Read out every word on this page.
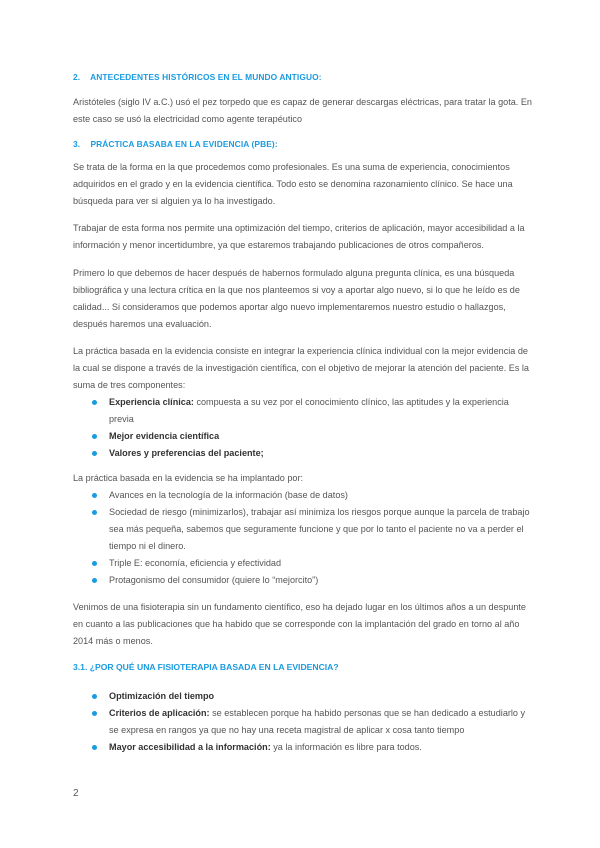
2. ANTECEDENTES HISTÓRICOS EN EL MUNDO ANTIGUO:

Aristóteles (siglo IV a.C.) usó el pez torpedo que es capaz de generar descargas eléctricas, para tratar la gota. En este caso se usó la electricidad como agente terapéutico

3. PRÁCTICA BASABA EN LA EVIDENCIA (PBE):

Se trata de la forma en la que procedemos como profesionales. Es una suma de experiencia, conocimientos adquiridos en el grado y en la evidencia científica. Todo esto se denomina razonamiento clínico. Se hace una búsqueda para ver si alguien ya lo ha investigado.

Trabajar de esta forma nos permite una optimización del tiempo, criterios de aplicación, mayor accesibilidad a la información y menor incertidumbre, ya que estaremos trabajando publicaciones de otros compañeros.

Primero lo que debemos de hacer después de habernos formulado alguna pregunta clínica, es una búsqueda bibliográfica y una lectura crítica en la que nos planteemos si voy a aportar algo nuevo, si lo que he leído es de calidad... Si consideramos que podemos aportar algo nuevo implementaremos nuestro estudio o hallazgos, después haremos una evaluación.

La práctica basada en la evidencia consiste en integrar la experiencia clínica individual con la mejor evidencia de la cual se dispone a través de la investigación científica, con el objetivo de mejorar la atención del paciente. Es la suma de tres componentes:

Experiencia clínica: compuesta a su vez por el conocimiento clínico, las aptitudes y la experiencia previa
Mejor evidencia científica
Valores y preferencias del paciente;

La práctica basada en la evidencia se ha implantado por:

Avances en la tecnología de la información (base de datos)
Sociedad de riesgo (minimizarlos), trabajar así minimiza los riesgos porque aunque la parcela de trabajo sea más pequeña, sabemos que seguramente funcione y que por lo tanto el paciente no va a perder el tiempo ni el dinero.
Triple E: economía, eficiencia y efectividad
Protagonismo del consumidor (quiere lo “mejorcito”)

Venimos de una fisioterapia sin un fundamento científico, eso ha dejado lugar en los últimos años a un despunte en cuanto a las publicaciones que ha habido que se corresponde con la implantación del grado en torno al año 2014 más o menos.

3.1. ¿POR QUÉ UNA FISIOTERAPIA BASADA EN LA EVIDENCIA?
Optimización del tiempo
Criterios de aplicación: se establecen porque ha habido personas que se han dedicado a estudiarlo y se expresa en rangos ya que no hay una receta magistral de aplicar x cosa tanto tiempo
Mayor accesibilidad a la información: ya la información es libre para todos.
2
